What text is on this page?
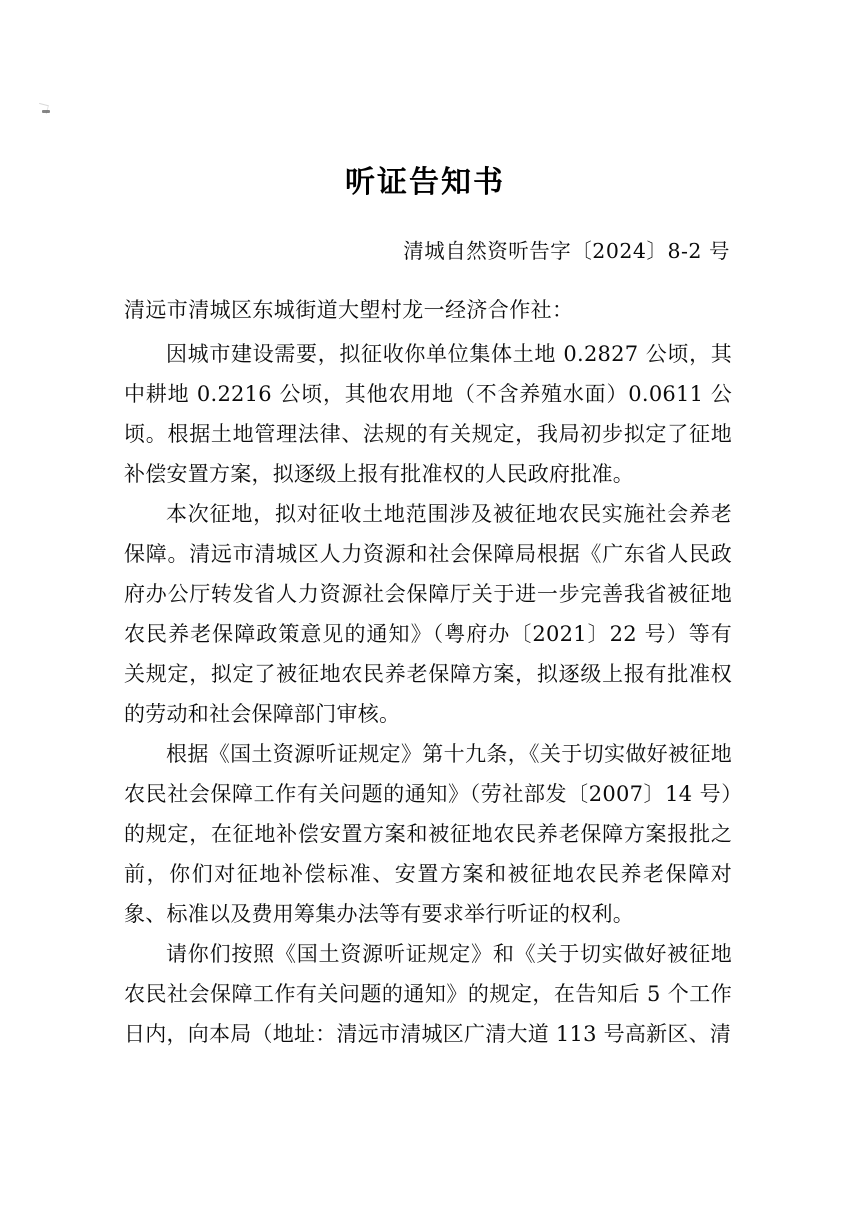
听证告知书
清城自然资听告字〔2024〕8-2 号

清远市清城区东城街道大塱村龙一经济合作社：

因城市建设需要，拟征收你单位集体土地 0.2827 公顷，其中耕地 0.2216 公顷，其他农用地（不含养殖水面）0.0611 公顷。根据土地管理法律、法规的有关规定，我局初步拟定了征地补偿安置方案，拟逐级上报有批准权的人民政府批准。

本次征地，拟对征收土地范围涉及被征地农民实施社会养老保障。清远市清城区人力资源和社会保障局根据《广东省人民政府办公厅转发省人力资源社会保障厅关于进一步完善我省被征地农民养老保障政策意见的通知》（粤府办〔2021〕22 号）等有关规定，拟定了被征地农民养老保障方案，拟逐级上报有批准权的劳动和社会保障部门审核。

根据《国土资源听证规定》第十九条，《关于切实做好被征地农民社会保障工作有关问题的通知》（劳社部发〔2007〕14 号）的规定，在征地补偿安置方案和被征地农民养老保障方案报批之前，你们对征地补偿标准、安置方案和被征地农民养老保障对象、标准以及费用筹集办法等有要求举行听证的权利。

请你们按照《国土资源听证规定》和《关于切实做好被征地农民社会保障工作有关问题的通知》的规定，在告知后 5 个工作日内，向本局（地址：清远市清城区广清大道 113 号高新区、清
